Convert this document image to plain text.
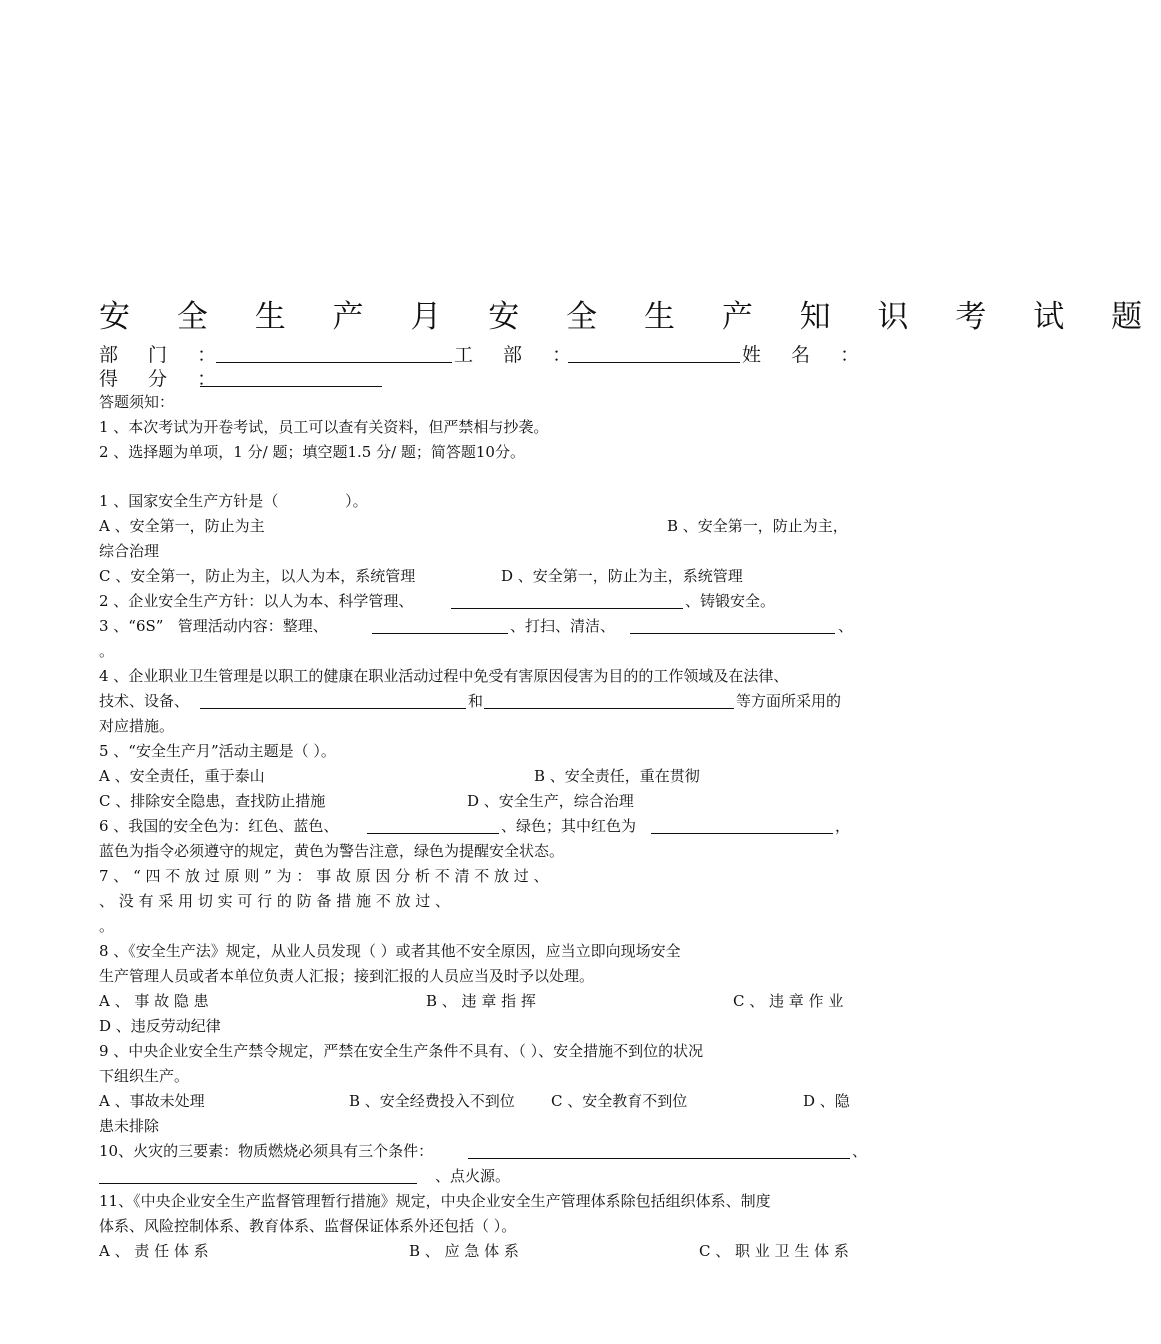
安 全 生 产 月 安 全 生 产 知 识 考 试 题
部 门 ：	工 部 ：	姓 名 ：
得 分 ：
答题须知：
1 、本次考试为开卷考试，员工可以查有关资料，但严禁相与抄袭。
2 、选择题为单项，1 分/ 题；填空题1.5 分/ 题；简答题10分。
1 、国家安全生产方针是（              ）。
A 、安全第一，防止为主	B 、安全第一，防止为主，
综合治理
C 、安全第一，防止为主，以人为本，系统管理	D 、安全第一，防止为主，系统管理
2 、企业安全生产方针：以人为本、科学管理、	、铸锻安全。
3 、“6S”   管理活动内容：整理、	、打扫、清洁、	、
。
4 、企业职业卫生管理是以职工的健康在职业活动过程中免受有害原因侵害为目的的工作领域及在法律、
技术、设备、	和	等方面所采用的
对应措施。
5 、“安全生产月”活动主题是（ ）。
A 、安全责任，重于泰山	B 、安全责任，重在贯彻
C 、排除安全隐患，查找防止措施	D 、安全生产，综合治理
6 、我国的安全色为：红色、蓝色、	、绿色；其中红色为	，
蓝色为指令必须遵守的规定，黄色为警告注意，绿色为提醒安全状态。
7 、 “ 四 不 放 过 原 则 ” 为 ： 事 故 原 因 分 析 不 清 不 放 过 、
、 没 有 采 用 切 实 可 行 的 防 备 措 施 不 放 过 、
。
8 、《安全生产法》规定，从业人员发现（ ）或者其他不安全原因，应当立即向现场安全
生产管理人员或者本单位负责人汇报；接到汇报的人员应当及时予以处理。
A 、 事 故 隐 患	B 、 违 章 指 挥	C 、 违 章 作 业
D 、违反劳动纪律
9 、中央企业安全生产禁令规定，严禁在安全生产条件不具有、（ ）、安全措施不到位的状况
下组织生产。
A 、事故未处理	B 、安全经费投入不到位 C 、安全教育不到位	D 、隐
患未排除
10、火灾的三要素：物质燃烧必须具有三个条件：	、
、点火源。
11、《中央企业安全生产监督管理暂行措施》规定，中央企业安全生产管理体系除包括组织体系、制度
体系、风险控制体系、教育体系、监督保证体系外还包括（ ）。
A 、 责 任 体 系	B 、 应 急 体 系	C 、 职 业 卫 生 体 系
